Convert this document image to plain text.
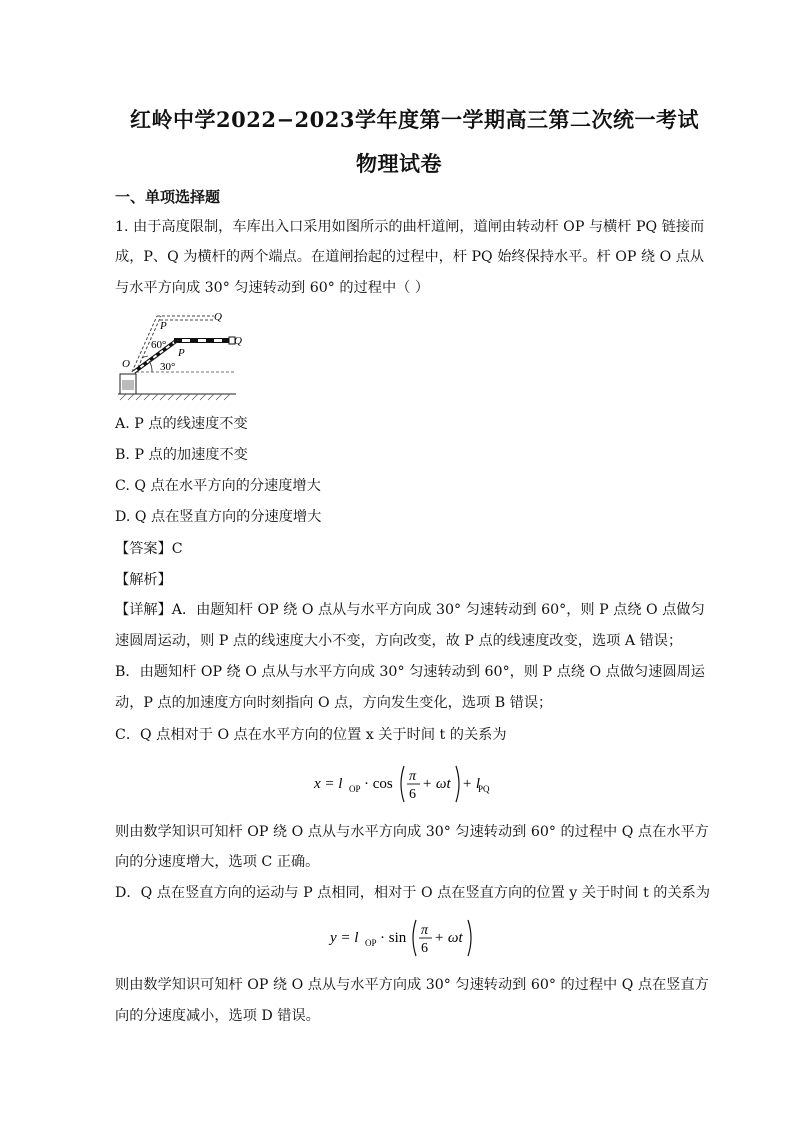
红岭中学2022−2023学年度第一学期高三第二次统一考试
物理试卷
一、单项选择题
1. 由于高度限制，车库出入口采用如图所示的曲杆道闸，道闸由转动杆 OP 与横杆 PQ 链接而
成，P、Q 为横杆的两个端点。在道闸抬起的过程中，杆 PQ 始终保持水平。杆 OP 绕 O 点从
与水平方向成 30° 匀速转动到 60° 的过程中（ ）
Q
P
Q
P
O
60°
30°
A. P 点的线速度不变
B. P 点的加速度不变
C. Q 点在水平方向的分速度增大
D. Q 点在竖直方向的分速度增大
【答案】C
【解析】
【详解】A．由题知杆 OP 绕 O 点从与水平方向成 30° 匀速转动到 60°，则 P 点绕 O 点做匀
速圆周运动，则 P 点的线速度大小不变，方向改变，故 P 点的线速度改变，选项 A 错误；
B．由题知杆 OP 绕 O 点从与水平方向成 30° 匀速转动到 60°，则 P 点绕 O 点做匀速圆周运
动，P 点的加速度方向时刻指向 O 点，方向发生变化，选项 B 错误；
C．Q 点相对于 O 点在水平方向的位置 x 关于时间 t 的关系为
x = l OP · cos π
6
+ ωt + l
PQ
则由数学知识可知杆 OP 绕 O 点从与水平方向成 30° 匀速转动到 60° 的过程中 Q 点在水平方
向的分速度增大，选项 C 正确。
D．Q 点在竖直方向的运动与 P 点相同，相对于 O 点在竖直方向的位置 y 关于时间 t 的关系为
y = l OP · sin π
6
+ ωt
则由数学知识可知杆 OP 绕 O 点从与水平方向成 30° 匀速转动到 60° 的过程中 Q 点在竖直方
向的分速度减小，选项 D 错误。
